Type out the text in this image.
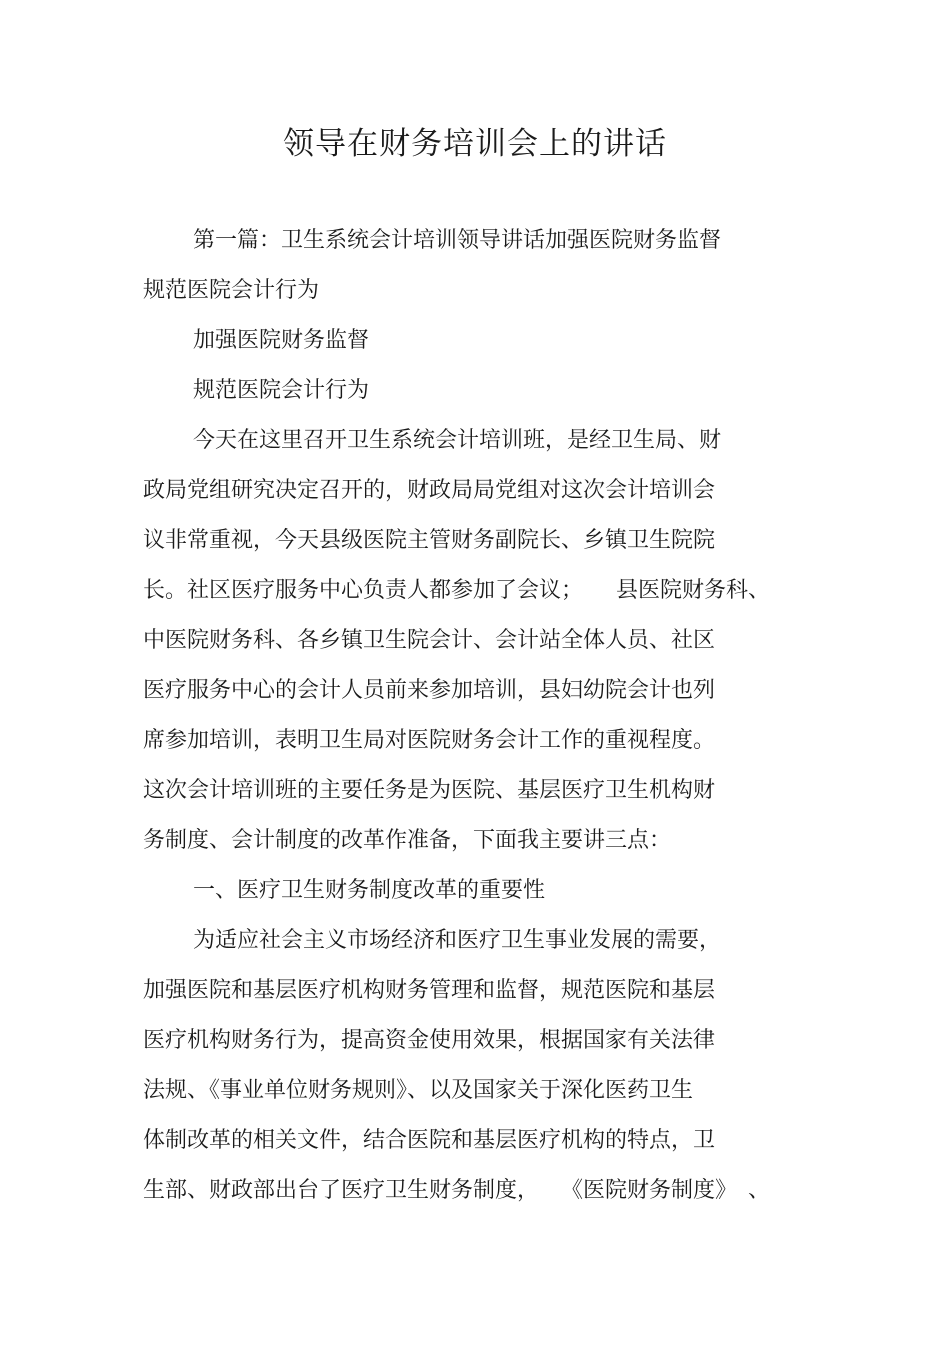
领导在财务培训会上的讲话

第一篇：卫生系统会计培训领导讲话加强医院财务监督

规范医院会计行为

加强医院财务监督

规范医院会计行为

今天在这里召开卫生系统会计培训班，是经卫生局、财

政局党组研究决定召开的，财政局局党组对这次会计培训会

议非常重视，今天县级医院主管财务副院长、乡镇卫生院院

长。社区医疗服务中心负责人都参加了会议；　　县医院财务科、

中医院财务科、各乡镇卫生院会计、会计站全体人员、社区

医疗服务中心的会计人员前来参加培训，县妇幼院会计也列

席参加培训，表明卫生局对医院财务会计工作的重视程度。

这次会计培训班的主要任务是为医院、基层医疗卫生机构财

务制度、会计制度的改革作准备，下面我主要讲三点：

一、医疗卫生财务制度改革的重要性

为适应社会主义市场经济和医疗卫生事业发展的需要，

加强医院和基层医疗机构财务管理和监督，规范医院和基层

医疗机构财务行为，提高资金使用效果，根据国家有关法律

法规、《事业单位财务规则》、以及国家关于深化医药卫生

体制改革的相关文件，结合医院和基层医疗机构的特点，卫

生部、财政部出台了医疗卫生财务制度，　　《医院财务制度》　、
